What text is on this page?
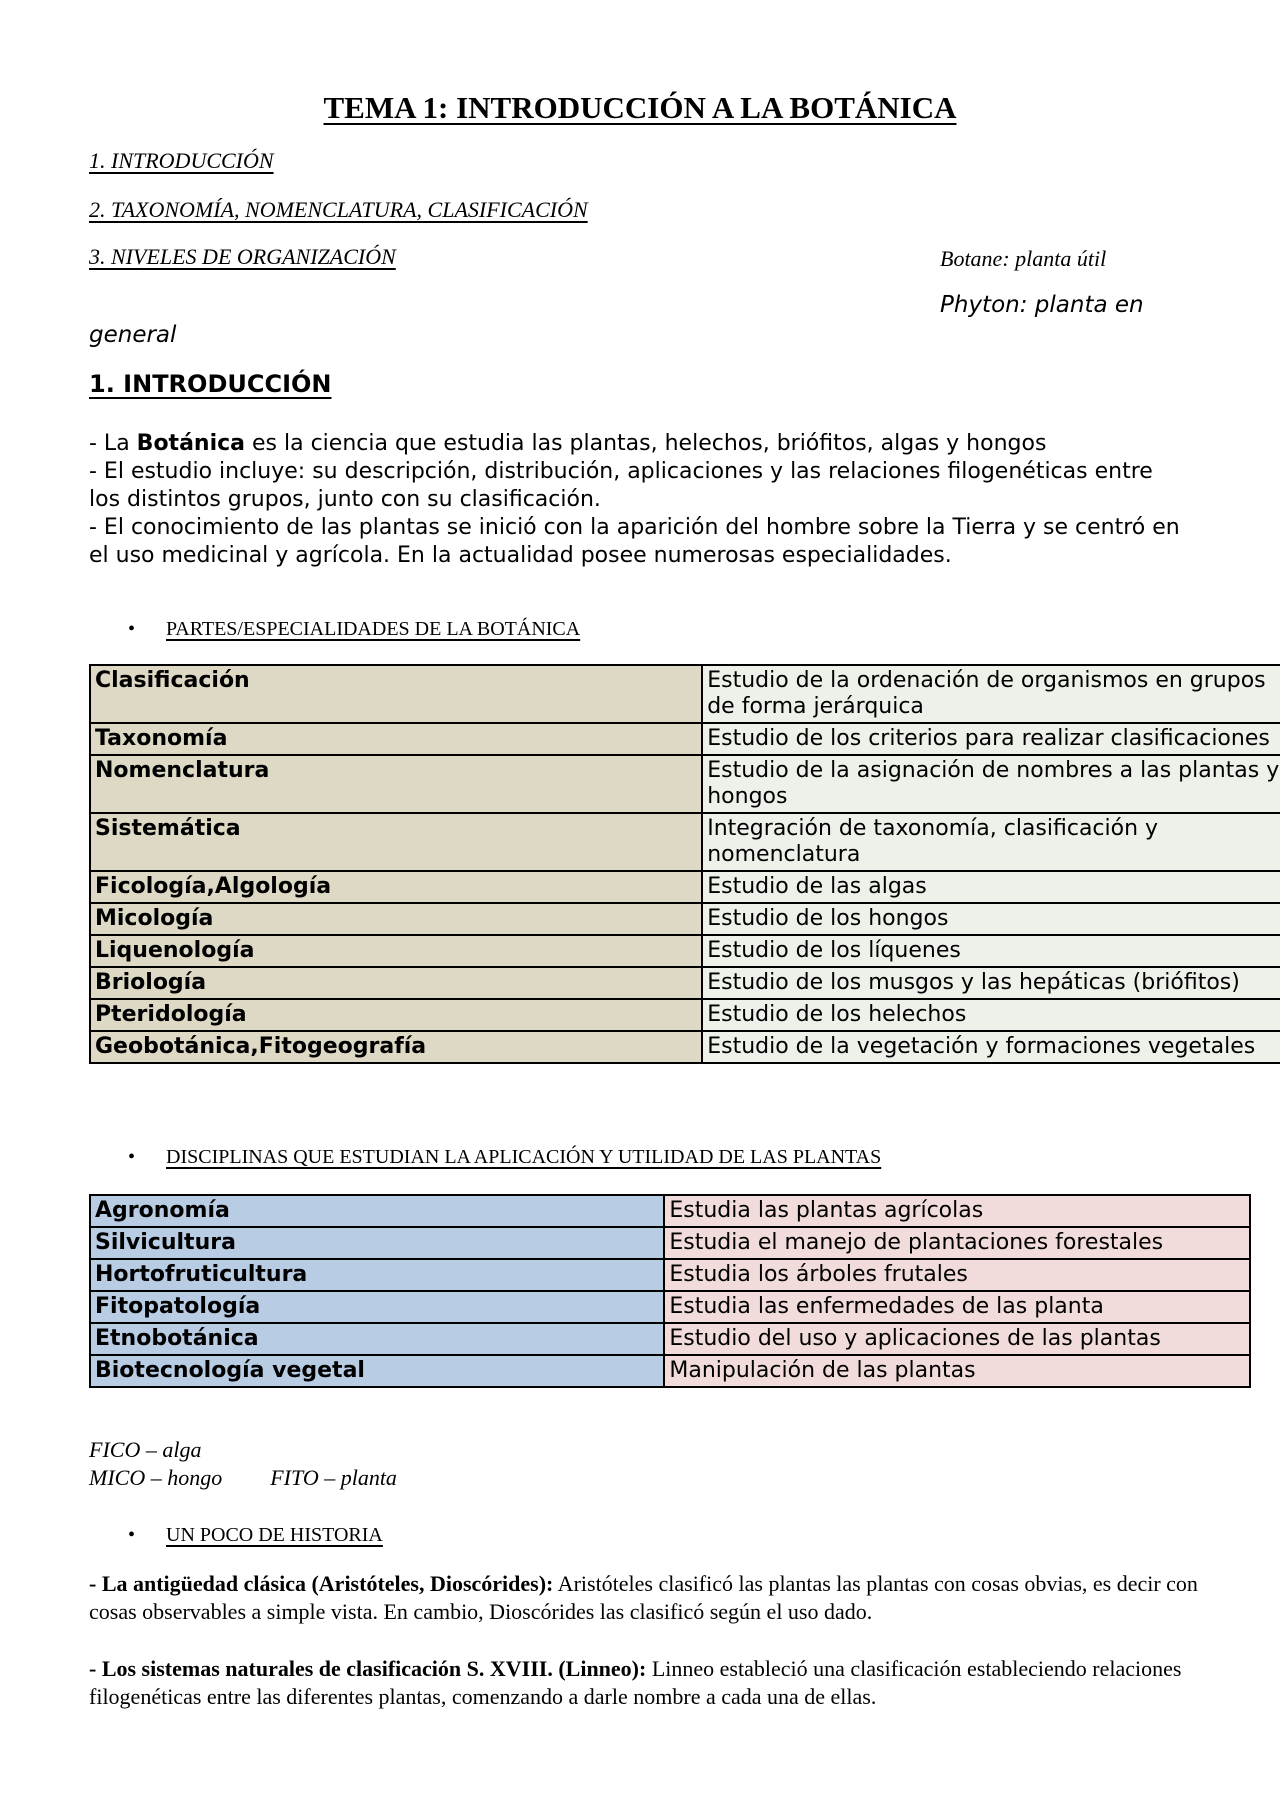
TEMA 1: INTRODUCCIÓN A LA BOTÁNICA
1. INTRODUCCIÓN
2. TAXONOMÍA, NOMENCLATURA, CLASIFICACIÓN
3. NIVELES DE ORGANIZACIÓN	Botane: planta útil
Phyton: planta en
general
1. INTRODUCCIÓN

- La Botánica es la ciencia que estudia las plantas, helechos, briófitos, algas y hongos

- El estudio incluye: su descripción, distribución, aplicaciones y las relaciones filogenéticas entre los distintos grupos, junto con su clasificación.

- El conocimiento de las plantas se inició con la aparición del hombre sobre la Tierra y se centró en el uso medicinal y agrícola. En la actualidad posee numerosas especialidades.

• PARTES/ESPECIALIDADES DE LA BOTÁNICA
Clasificación	Estudio de la ordenación de organismos en grupos de forma jerárquica
Taxonomía	Estudio de los criterios para realizar clasificaciones
Nomenclatura	Estudio de la asignación de nombres a las plantas y hongos
Sistemática	Integración de taxonomía, clasificación y nomenclatura
Ficología,Algología	Estudio de las algas
Micología	Estudio de los hongos
Liquenología	Estudio de los líquenes
Briología	Estudio de los musgos y las hepáticas (briófitos)
Pteridología	Estudio de los helechos
Geobotánica,Fitogeografía	Estudio de la vegetación y formaciones vegetales
• DISCIPLINAS QUE ESTUDIAN LA APLICACIÓN Y UTILIDAD DE LAS PLANTAS
Agronomía	Estudia las plantas agrícolas
Silvicultura	Estudia el manejo de plantaciones forestales
Hortofruticultura	Estudia los árboles frutales
Fitopatología	Estudia las enfermedades de las planta
Etnobotánica	Estudio del uso y aplicaciones de las plantas
Biotecnología vegetal	Manipulación de las plantas
FICO – alga
MICO – hongo FITO – planta
• UN POCO DE HISTORIA
- La antigüedad clásica (Aristóteles, Dioscórides): Aristóteles clasificó las plantas las plantas con cosas obvias, es decir con cosas observables a simple vista. En cambio, Dioscórides las clasificó según el uso dado.
- Los sistemas naturales de clasificación S. XVIII. (Linneo): Linneo estableció una clasificación estableciendo relaciones filogenéticas entre las diferentes plantas, comenzando a darle nombre a cada una de ellas.
